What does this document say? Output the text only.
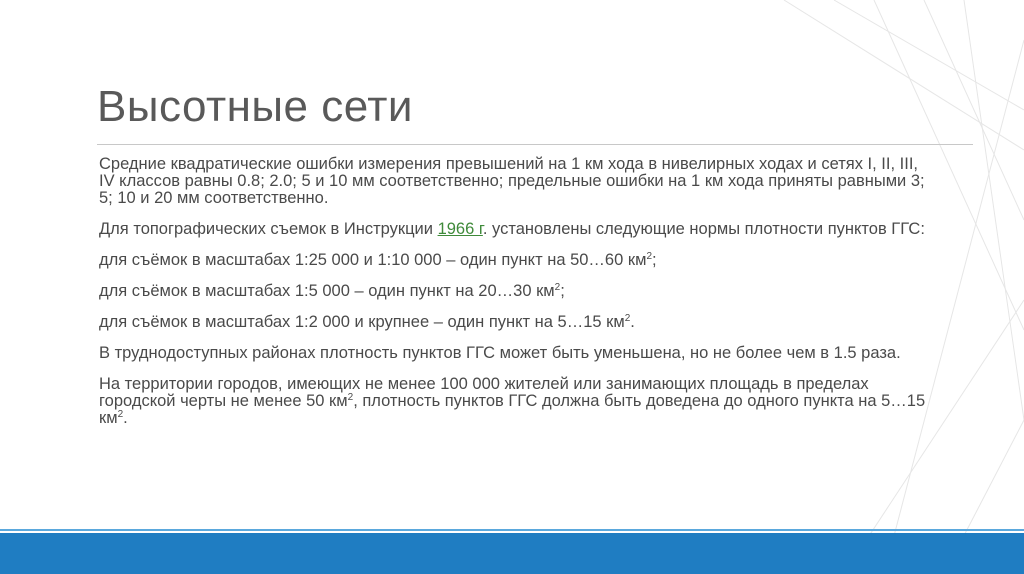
Высотные сети

Средние квадратические ошибки измерения превышений на 1 км хода в нивелирных ходах и сетях I, II, III, IV классов равны 0.8; 2.0; 5 и 10 мм соответственно; предельные ошибки на 1 км хода приняты равными 3; 5; 10 и 20 мм соответственно.

Для топографических съемок в Инструкции 1966 г. установлены следующие нормы плотности пунктов ГГС:

для съёмок в масштабах 1:25 000 и 1:10 000 – один пункт на 50…60 $км^2$;

для съёмок в масштабах 1:5 000 – один пункт на 20…30 $км^2$;

для съёмок в масштабах 1:2 000 и крупнее – один пункт на 5…15 $км^2$.

В труднодоступных районах плотность пунктов ГГС может быть уменьшена, но не более чем в 1.5 раза.

На территории городов, имеющих не менее 100 000 жителей или занимающих площадь в пределах городской черты не менее 50 $км^2$, плотность пунктов ГГС должна быть доведена до одного пункта на 5…15 $км^2$.
